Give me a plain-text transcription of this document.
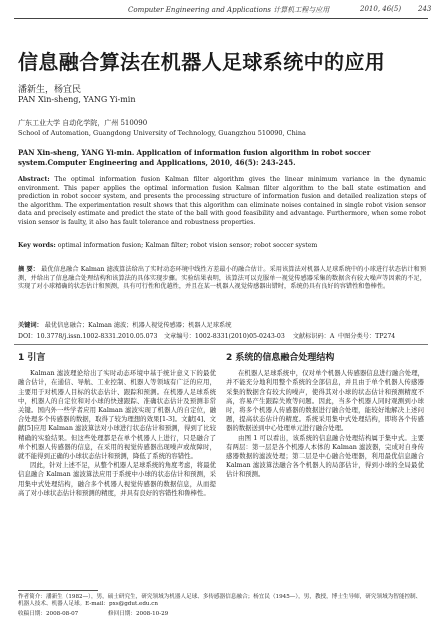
Computer Engineering and Applications 计算机工程与应用	2010, 46(5) 243
信息融合算法在机器人足球系统中的应用
潘新生，杨宜民
PAN Xin-sheng, YANG Yi-min
广东工业大学 自动化学院，广州 510090
School of Automation, Guangdong University of Technology, Guangzhou 510090, China
PAN Xin-sheng, YANG Yi-min. Application of information fusion algorithm in robot soccer system.Computer Engineering and Applications, 2010, 46(5): 243-245.
Abstract: The optimal information fusion Kalman filter algorithm gives the linear minimum variance in the dynamic environment. This paper applies the optimal information fusion Kalman filter algorithm to the ball state estimation and prediction in robot soccer system, and presents the processing structure of information fusion and detailed realization steps of the algorithm. The experimentation result shows that this algorithm can eliminate noises contained in single robot vision sensor data and precisely estimate and predict the state of the ball with good feasibility and advantage. Furthermore, when some robot vision sensor is faulty, it also has fault tolerance and robustness properties.
Key words: optimal information fusion; Kalman filter; robot vision sensor; robot soccer system
摘 要： 最优信息融合 Kalman 滤波算法给出了实时动态环境中线性方差最小的融合估计。采用该算法对机器人足球系统中的小球进行状态估计和预测，并给出了信息融合处理结构和该算法的具体实现步骤。实验结果表明，该算法可以克服单一视觉传感器采集的数据含有较大噪声等因素的不足，实现了对小球精确的状态估计和预测，具有可行性和优越性，并且在某一机器人视觉传感器出错时，系统仍具有良好的容错性和鲁棒性。
关键词： 最优信息融合；Kalman 滤波；机器人视觉传感器；机器人足球系统
DOI：10.3778/j.issn.1002-8331.2010.05.073 文章编号：1002-8331(2010)05-0243-03 文献标识码：A 中图分类号：TP274
1 引言

Kalman 滤波理论给出了实时动态环境中基于统计意义下的最优融合估计，在通信、导航、工业控制、机器人等领域有广泛的应用，主要用于对机器人目标的状态估计、跟踪和预测。在机器人足球系统中，机器人的自定位和对小球的快速跟踪、准确状态估计及预测非常关键。国内外一些学者应用 Kalman 滤波实现了机器人的自定位，融合处理多个传感器的数据，取得了较为理想的效果[1-3]。文献[4]、文献[5]应用 Kalman 滤波算法对小球进行状态估计和预测，得到了比较精确的实验结果。但这些处理都是在单个机器人上进行，只是融合了单个机器人传感器的信息，在采用的视觉传感器出现噪声或故障时，就不能得到正确的小球状态估计和预测，降低了系统的容错性。

因此，针对上述不足，从整个机器人足球系统的角度考虑，将最优信息融合 Kalman 滤波算法应用于系统中小球的状态估计和预测，采用集中式处理结构，融合多个机器人视觉传感器的数据信息，从而提高了对小球状态估计和预测的精度，并具有良好的容错性和鲁棒性。

2 系统的信息融合处理结构

在机器人足球系统中，仅对单个机器人传感器信息进行融合处理，并不能充分地利用整个系统的全部信息，并且由于单个机器人传感器采集的数据含有较大的噪声，使得其对小球的状态估计和预测精度不高，容易产生跟踪失败等问题。因此，当多个机器人同时观测到小球时，将多个机器人传感器的数据进行融合处理，能较好地解决上述问题，提高状态估计的精度。系统采用集中式处理结构，即将各个传感器的数据送到中心处理单元进行融合处理。

由图 1 可以看出，该系统的信息融合处理结构属于集中式。主要有两层：第一层是各个机器人本体的 Kalman 滤波器，完成对自身传感器数据的滤波处理；第二层是中心融合处理器，利用最优信息融合 Kalman 滤波算法融合各个机器人的局部估计，得到小球的全局最优估计和预测。

作者简介：潘新生（1982—），男，硕士研究生，研究领域为机器人足球、多传感器信息融合；杨宜民（1945—），男，教授，博士生导师，研究领域为智能控制、机器人技术、机器人足球。E-mail：pxs@gdut.edu.cn
收稿日期：2008-08-07	修回日期：2008-10-29
